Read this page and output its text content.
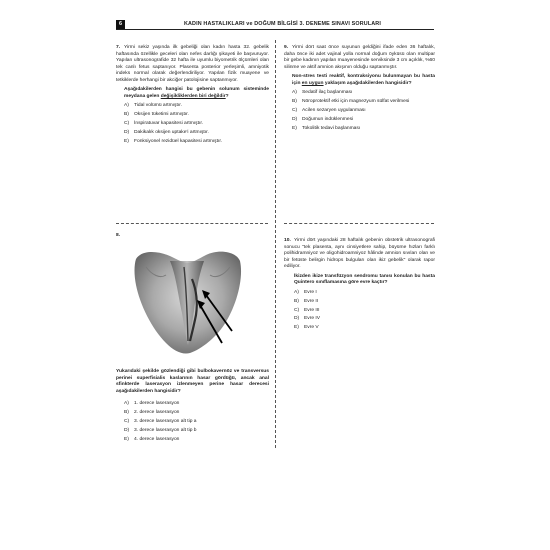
6	KADIN HASTALIKLARI ve DOĞUM BİLGİSİ 3. DENEME SINAVI SORULARI

7. Yirmi sekiz yaşında ilk gebeliği olan kadın hasta 32. gebelik haftasında özellikle geceleri olan nefes darlığı şikayeti ile başvuruyor. Yapılan ultrasonografide 32 hafta ile uyumlu biyometrik ölçümleri olan tek canlı fetus saptanıyor. Plasenta posterior yerleşimli, amniyotik indeks normal olarak değerlendiriliyor. Yapılan fizik muayene ve tetkiklerde herhangi bir akciğer patolojisine saptanmıyor.

Aşağıdakilerden hangisi bu gebenin solunum sisteminde meydana gelen değişikliklerden biri değildir?

A)	Tidal volümü artmıştır.
B)	Oksijen tüketimi artmıştır.
C) İnspiratuvar kapasitesi artmıştır.
D) Dakikalık oksijen uptake'i artmıştır.
E)	Fonksiyonel rezidüel kapasitesi artmıştır.

9. Yirmi dört saat önce suyunun geldiğini ifade eden 36 haftalık, daha önce iki adet vajinal yolla normal doğum öyküsü olan multipar bir gebe kadının yapılan muayenesinde serviksinde 3 cm açıklık, %60 silinme ve aktif amnion akışının olduğu saptanmıştır.

Non-stres testi reaktif, kontraksiyonu bulunmayan bu hasta için en uygun yaklaşım aşağıdakilerden hangisidir?

A)	Sedatif ilaç başlanması
B)	Nöroprotektif etki için magnezyum sülfat verilmesi
C) Acilen sezaryen uygulanması
D) Doğumun indüklenmesi
E)	Tokolitik tedavi başlanması
8.
Yukarıdaki şekilde gözlendiği gibi bulbokavernöz ve transversus perinei superfisialis kaslarının hasar gördüğü, ancak anal sfinkterde laserasyon izlenmeyen perine hasar derecesi aşağıdakilerden hangisidir?
A)	1. derece laserasyon
B)	2. derece laserasyon
C) 3. derece laserasyon alt tip a
D) 3. derece laserasyon alt tip b
E)	4. derece laserasyon

10. Yirmi dört yaşındaki 28 haftalık gebenin obstetrik ultrasonografi sonucu "tek plasenta, aynı cinsiyetlere sahip, büyüme hızları farklı polihidramniyoz ve oligohidroamniyoz hâlinde amnion sıvıları olan ve bir fetüste belirgin hidrops bulguları olan ikiz gebelik" olarak rapor ediliyor.

İkizden ikize transfüzyon sendromu tanısı konulan bu hasta Quintero sınıflamasına göre evre kaçtır?

A)	Evre I
B)	Evre II
C) Evre III
D) Evre IV
E)	Evre V
